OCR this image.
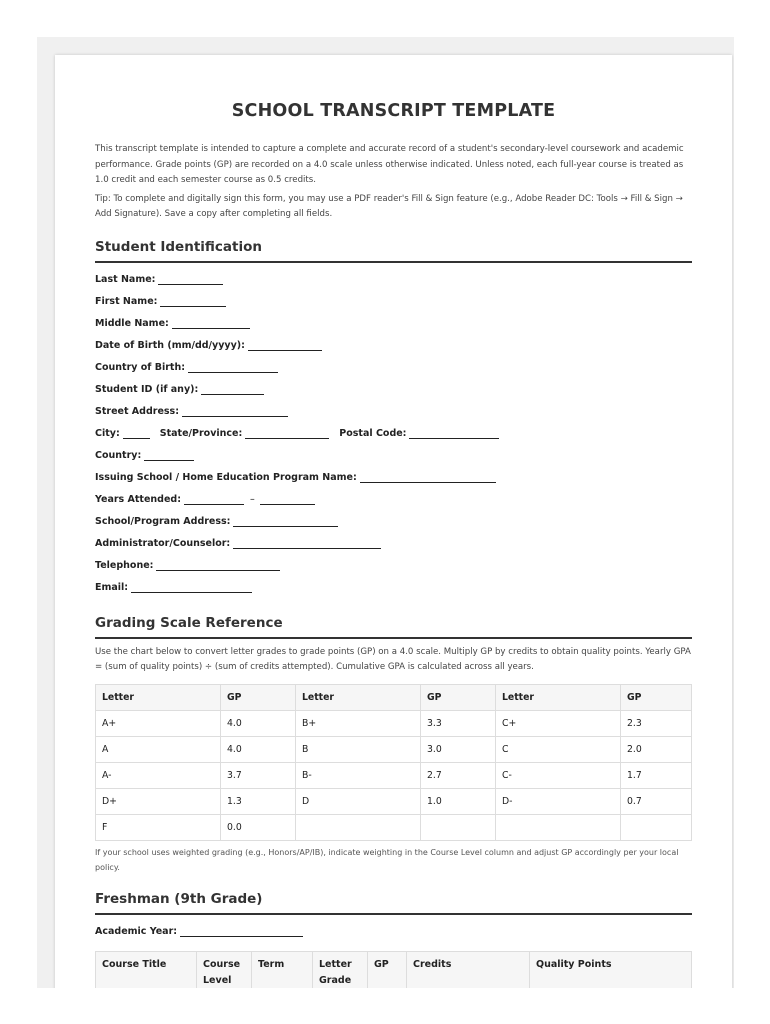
SCHOOL TRANSCRIPT TEMPLATE

This transcript template is intended to capture a complete and accurate record of a student's secondary-level coursework and academic performance. Grade points (GP) are recorded on a 4.0 scale unless otherwise indicated. Unless noted, each full-year course is treated as 1.0 credit and each semester course as 0.5 credits.

Tip: To complete and digitally sign this form, you may use a PDF reader's Fill & Sign feature (e.g., Adobe Reader DC: Tools → Fill & Sign → Add Signature). Save a copy after completing all fields.

Student Identification
Last Name:
First Name:
Middle Name:
Date of Birth (mm/dd/yyyy):
Country of Birth:
Student ID (if any):
Street Address:
City:	State/Province:	Postal Code:
Country:
Issuing School / Home Education Program Name:
Years Attended:	–
School/Program Address:
Administrator/Counselor:
Telephone:
Email:
Grading Scale Reference
Use the chart below to convert letter grades to grade points (GP) on a 4.0 scale. Multiply GP by credits to obtain quality points. Yearly GPA = (sum of quality points) ÷ (sum of credits attempted). Cumulative GPA is calculated across all years.
Letter	GP	Letter	GP	Letter	GP
A+	4.0	B+	3.3	C+	2.3
A	4.0	B	3.0	C	2.0
A-	3.7	B-	2.7	C-	1.7
D+	1.3	D	1.0	D-	0.7
F	0.0				
If your school uses weighted grading (e.g., Honors/AP/IB), indicate weighting in the Course Level column and adjust GP accordingly per your local policy.
Freshman (9th Grade)
Academic Year:
Course Title	Course Level	Term	Letter Grade	GP	Credits	Quality Points
